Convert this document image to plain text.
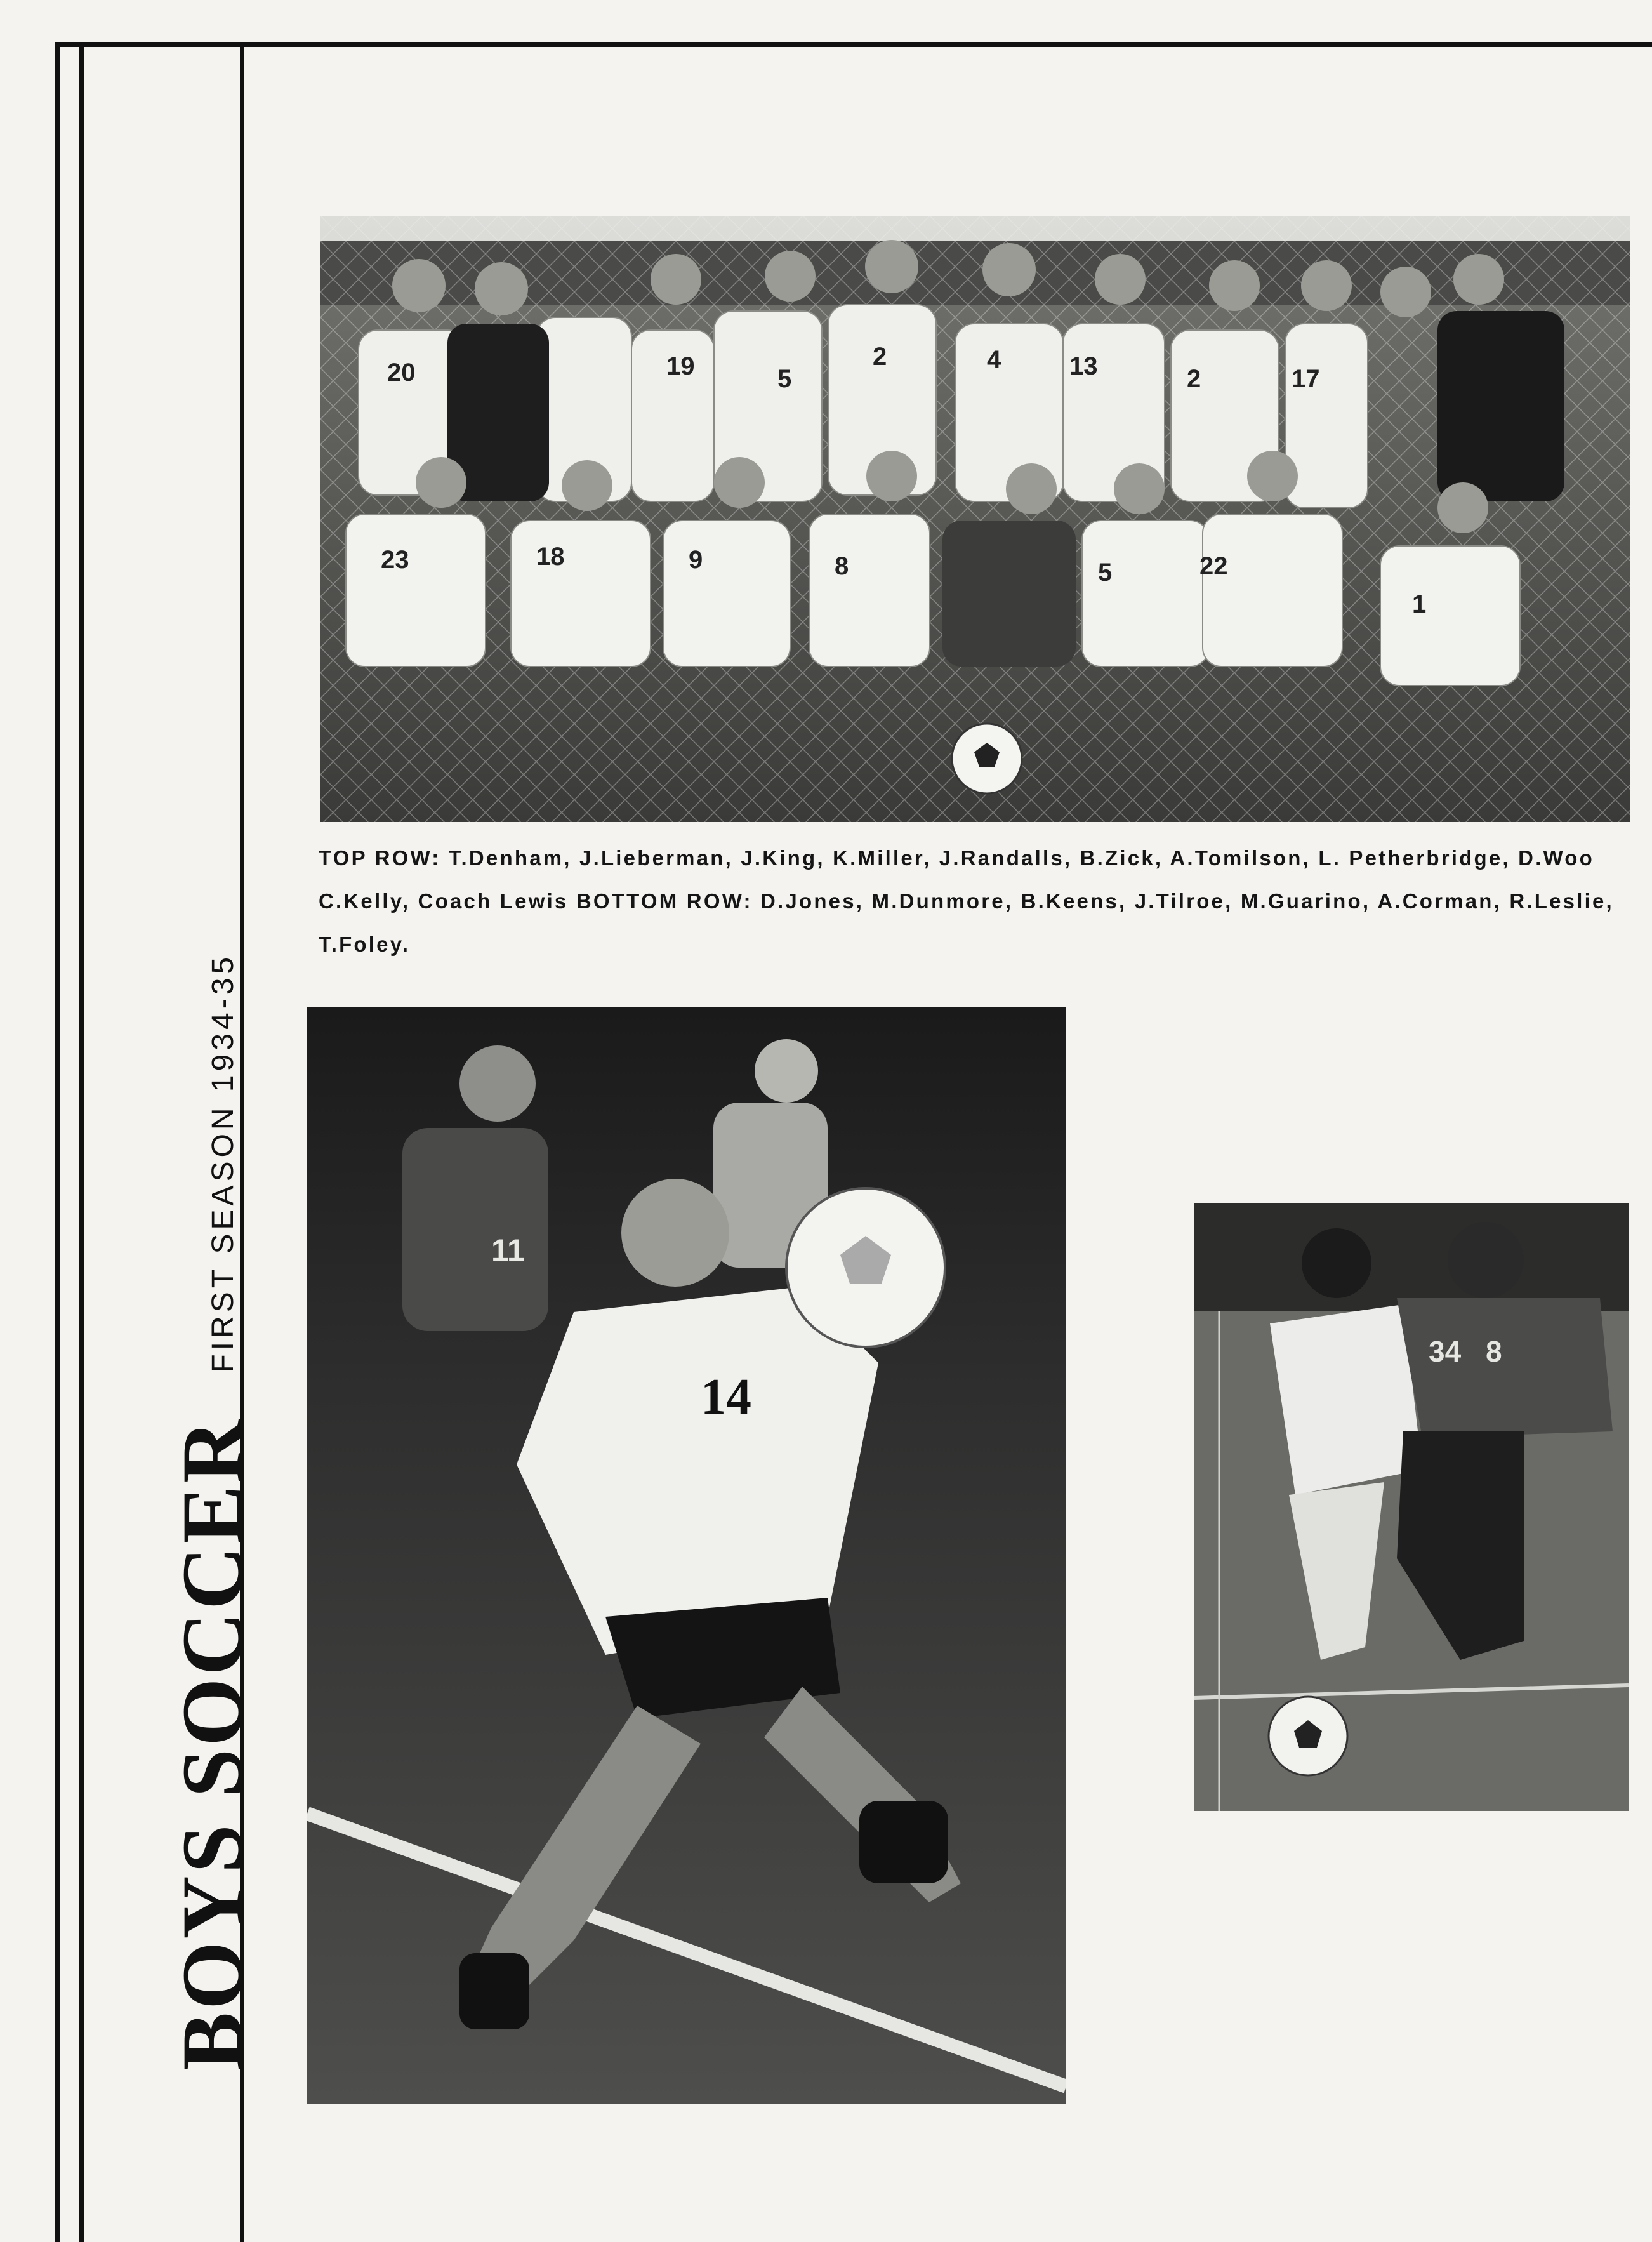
BOYS SOCCER
FIRST SEASON 1934-35
20	19	5
2	4	13	2	17
23	18	9	8	5	22
1

TOP ROW: T.Denham, J.Lieberman, J.King, K.Miller, J.Randalls, B.Zick, A.Tomilson, L. Petherbridge, D.Woo C.Kelly, Coach Lewis BOTTOM ROW: D.Jones, M.Dunmore, B.Keens, J.Tilroe, M.Guarino, A.Corman, R.Leslie, T.Foley.

14
11
34 8
